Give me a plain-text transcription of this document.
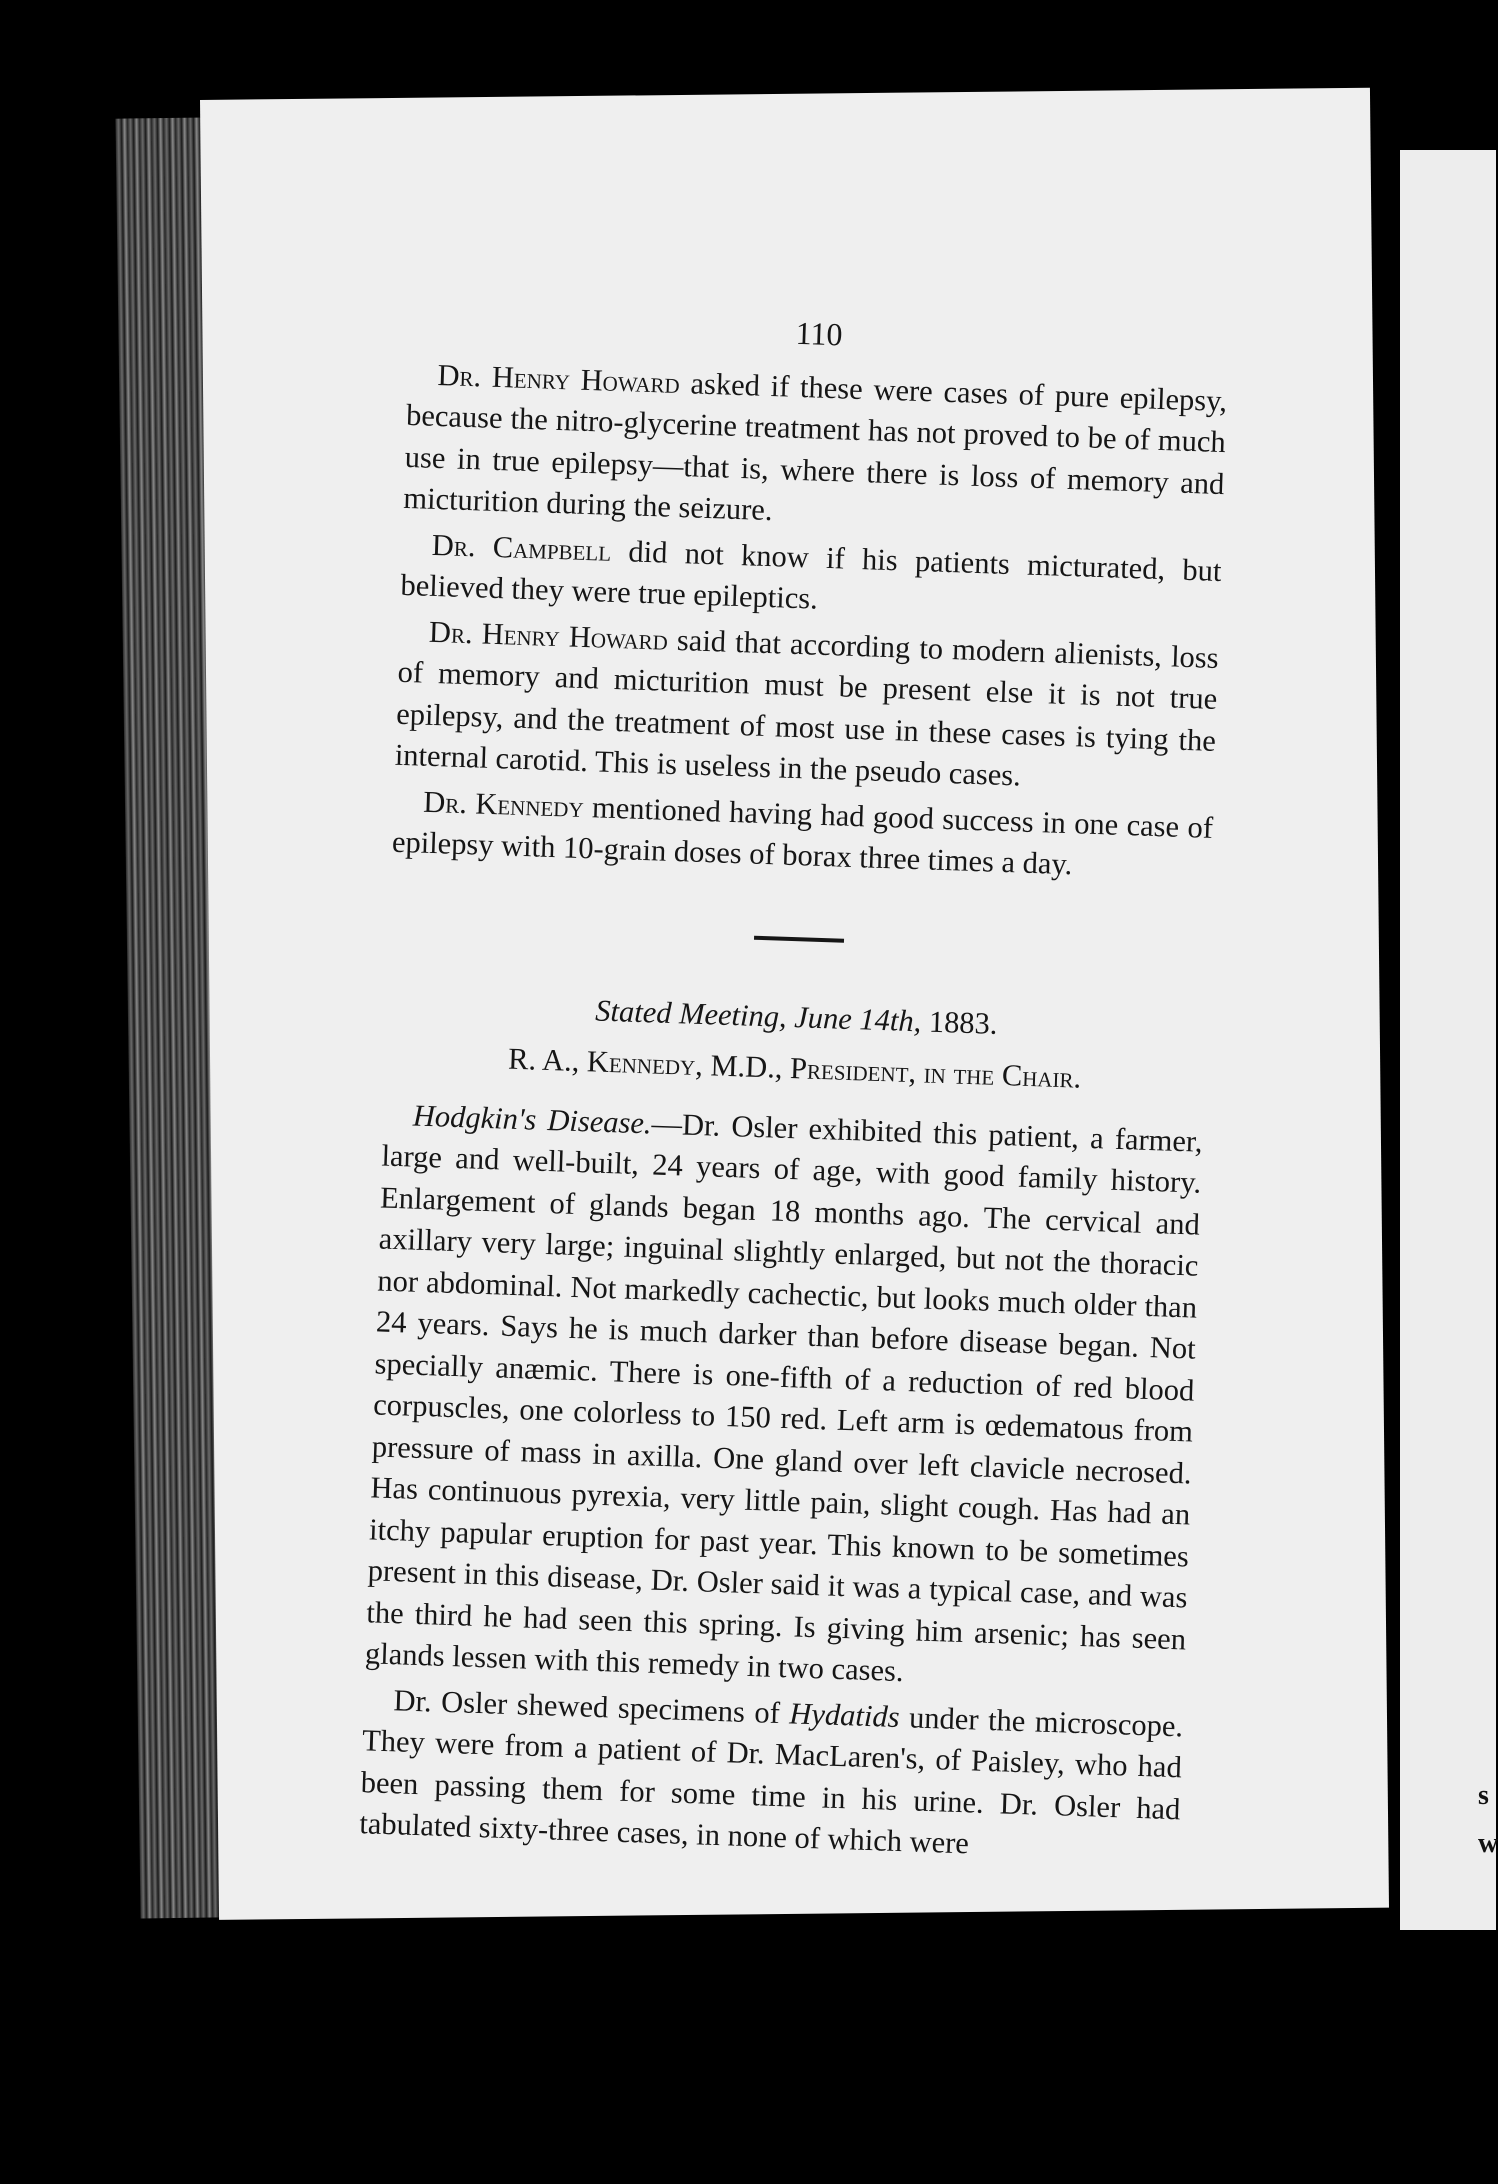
s
w
110

Dr. Henry Howard asked if these were cases of pure epilepsy, because the nitro-glycerine treatment has not proved to be of much use in true epilepsy—that is, where there is loss of memory and micturition during the seizure.

Dr. Campbell did not know if his patients micturated, but believed they were true epileptics.

Dr. Henry Howard said that according to modern alienists, loss of memory and micturition must be present else it is not true epilepsy, and the treatment of most use in these cases is tying the internal carotid. This is useless in the pseudo cases.

Dr. Kennedy mentioned having had good success in one case of epilepsy with 10-grain doses of borax three times a day.

Stated Meeting, June 14th, 1883.
R. A., Kennedy, M.D., President, in the Chair.

Hodgkin's Disease.—Dr. Osler exhibited this patient, a farmer, large and well-built, 24 years of age, with good family history. Enlargement of glands began 18 months ago. The cervical and axillary very large; inguinal slightly enlarged, but not the thoracic nor abdominal. Not markedly cachectic, but looks much older than 24 years. Says he is much darker than before disease began. Not specially anæmic. There is one-fifth of a reduction of red blood corpuscles, one colorless to 150 red. Left arm is œdematous from pressure of mass in axilla. One gland over left clavicle necrosed. Has continuous pyrexia, very little pain, slight cough. Has had an itchy papular eruption for past year. This known to be sometimes present in this disease, Dr. Osler said it was a typical case, and was the third he had seen this spring. Is giving him arsenic; has seen glands lessen with this remedy in two cases.

Dr. Osler shewed specimens of Hydatids under the microscope. They were from a patient of Dr. MacLaren's, of Paisley, who had been passing them for some time in his urine. Dr. Osler had tabulated sixty-three cases, in none of which were
